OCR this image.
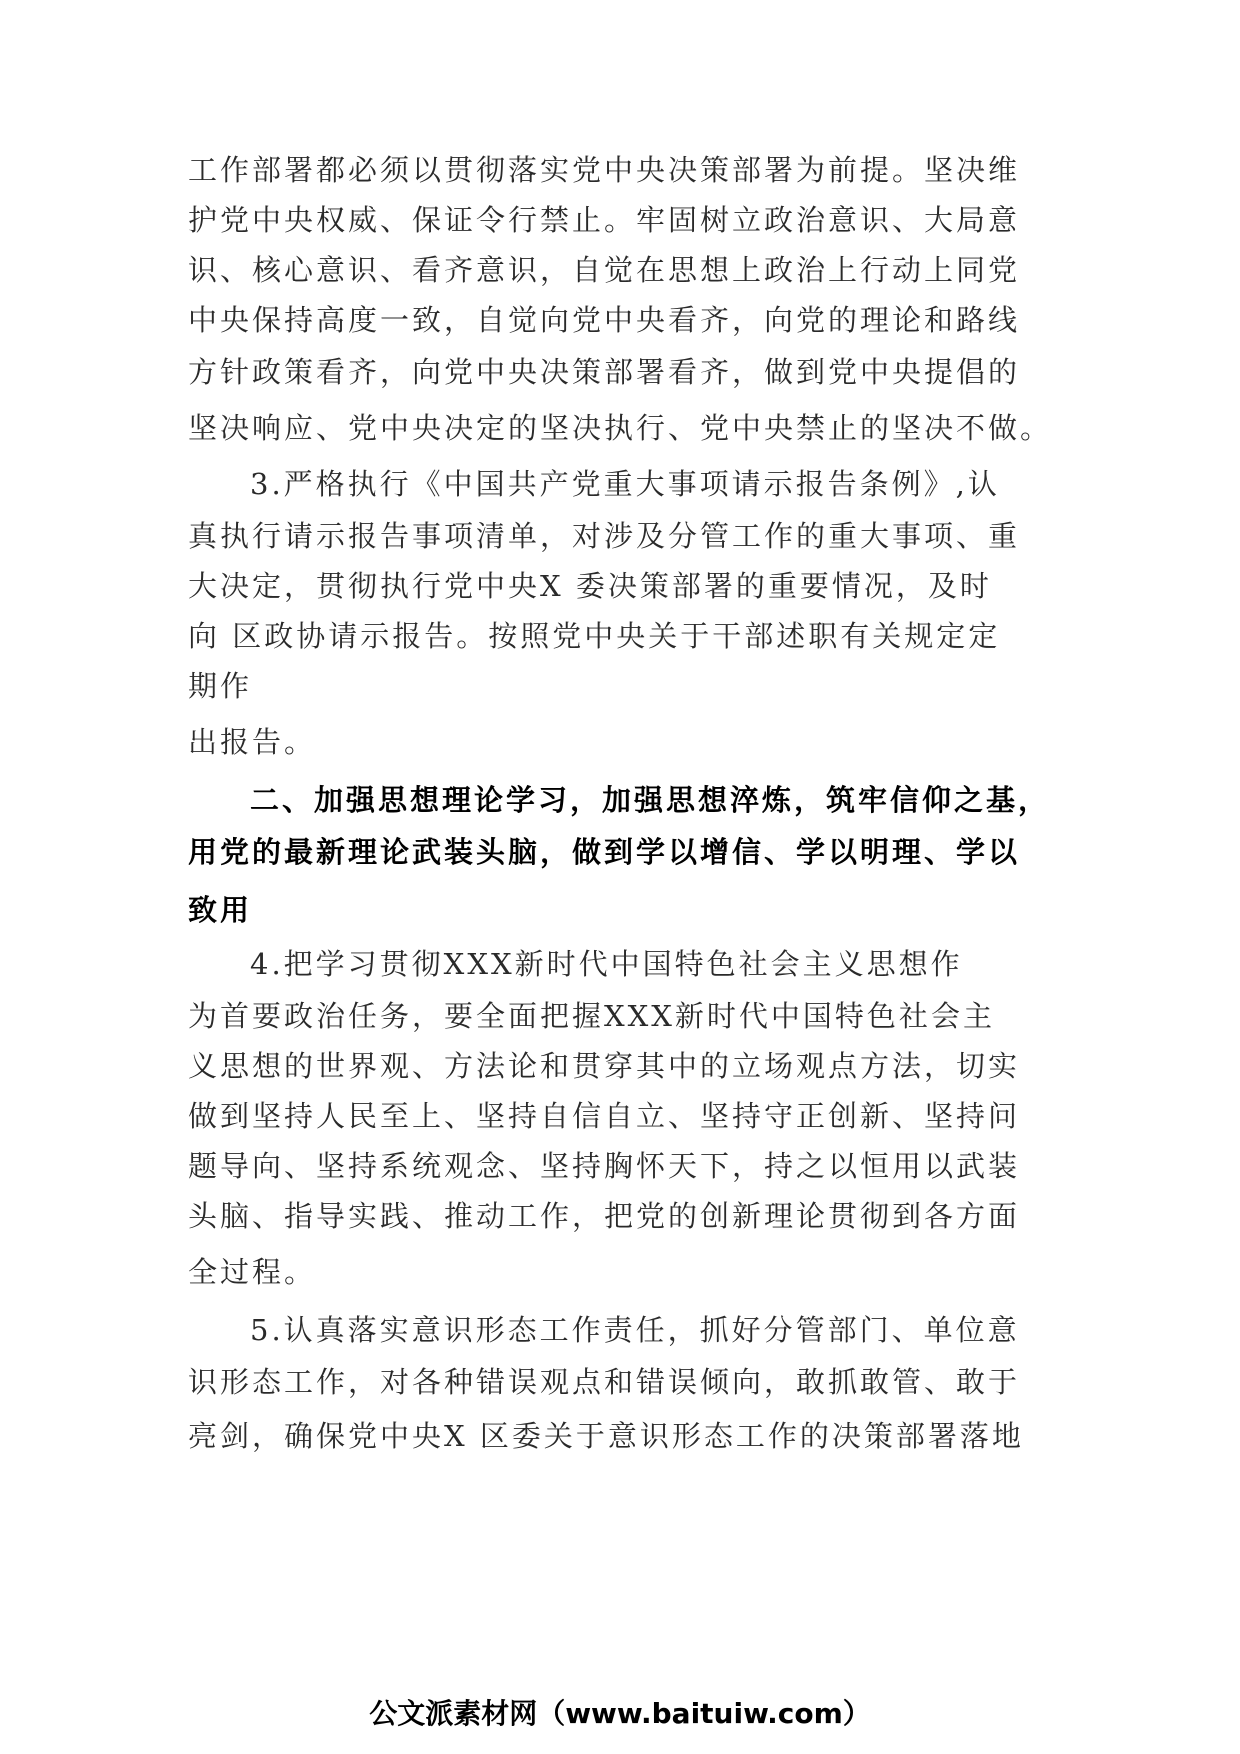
工作部署都必须以贯彻落实党中央决策部署为前提。坚决维
护党中央权威、保证令行禁止。牢固树立政治意识、大局意
识、核心意识、看齐意识，自觉在思想上政治上行动上同党
中央保持高度一致，自觉向党中央看齐，向党的理论和路线
方针政策看齐，向党中央决策部署看齐，做到党中央提倡的
坚决响应、党中央决定的坚决执行、党中央禁止的坚决不做。
3.严格执行《中国共产党重大事项请示报告条例》,认
真执行请示报告事项清单，对涉及分管工作的重大事项、重
大决定，贯彻执行党中央X 委决策部署的重要情况，及时
向 区政协请示报告。按照党中央关于干部述职有关规定定
期作
出报告。
二、加强思想理论学习，加强思想淬炼，筑牢信仰之基，
用党的最新理论武装头脑，做到学以增信、学以明理、学以
致用
4.把学习贯彻XXX新时代中国特色社会主义思想作
为首要政治任务，要全面把握XXX新时代中国特色社会主
义思想的世界观、方法论和贯穿其中的立场观点方法，切实
做到坚持人民至上、坚持自信自立、坚持守正创新、坚持问
题导向、坚持系统观念、坚持胸怀天下，持之以恒用以武装
头脑、指导实践、推动工作，把党的创新理论贯彻到各方面
全过程。
5.认真落实意识形态工作责任，抓好分管部门、单位意
识形态工作，对各种错误观点和错误倾向，敢抓敢管、敢于
亮剑，确保党中央X 区委关于意识形态工作的决策部署落地
公文派素材网（www.baituiw.com）
